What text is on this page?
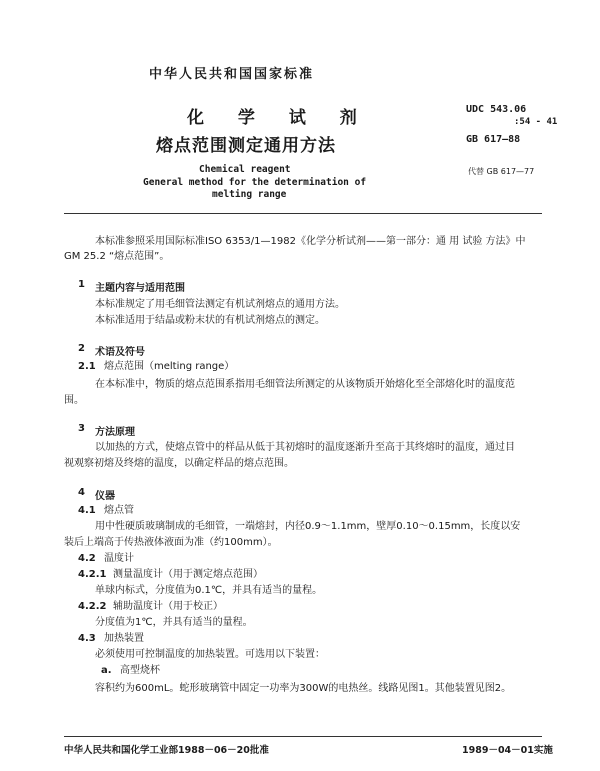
中华人民共和国国家标准
化 学 试 剂
熔点范围测定通用方法
Chemical reagent
General method for the determination of
melting range
UDC 543.06
:54 - 41
GB 617—88
代替 GB 617—77
本标准参照采用国际标准ISO 6353/1—1982《化学分析试剂——第一部分：通 用 试验 方法》中
GM 25.2 “熔点范围”。
1 主题内容与适用范围
本标准规定了用毛细管法测定有机试剂熔点的通用方法。
本标准适用于结晶或粉末状的有机试剂熔点的测定。
2 术语及符号
2.1 熔点范围（melting range）
在本标准中，物质的熔点范围系指用毛细管法所测定的从该物质开始熔化至全部熔化时的温度范
围。
3 方法原理
以加热的方式，使熔点管中的样品从低于其初熔时的温度逐渐升至高于其终熔时的温度，通过目
视观察初熔及终熔的温度，以确定样品的熔点范围。
4 仪器
4.1 熔点管
用中性硬质玻璃制成的毛细管，一端熔封，内径0.9～1.1mm，壁厚0.10～0.15mm，长度以安
装后上端高于传热液体液面为准（约100mm）。
4.2 温度计
4.2.1 测量温度计（用于测定熔点范围）
单球内标式，分度值为0.1℃，并具有适当的量程。
4.2.2 辅助温度计（用于校正）
分度值为1℃，并具有适当的量程。
4.3 加热装置
必须使用可控制温度的加热装置。可选用以下装置：
a. 高型烧杯
容积约为600mL。蛇形玻璃管中固定一功率为300W的电热丝。线路见图1。其他装置见图2。
中华人民共和国化学工业部1988－06－20批准	1989－04－01实施
